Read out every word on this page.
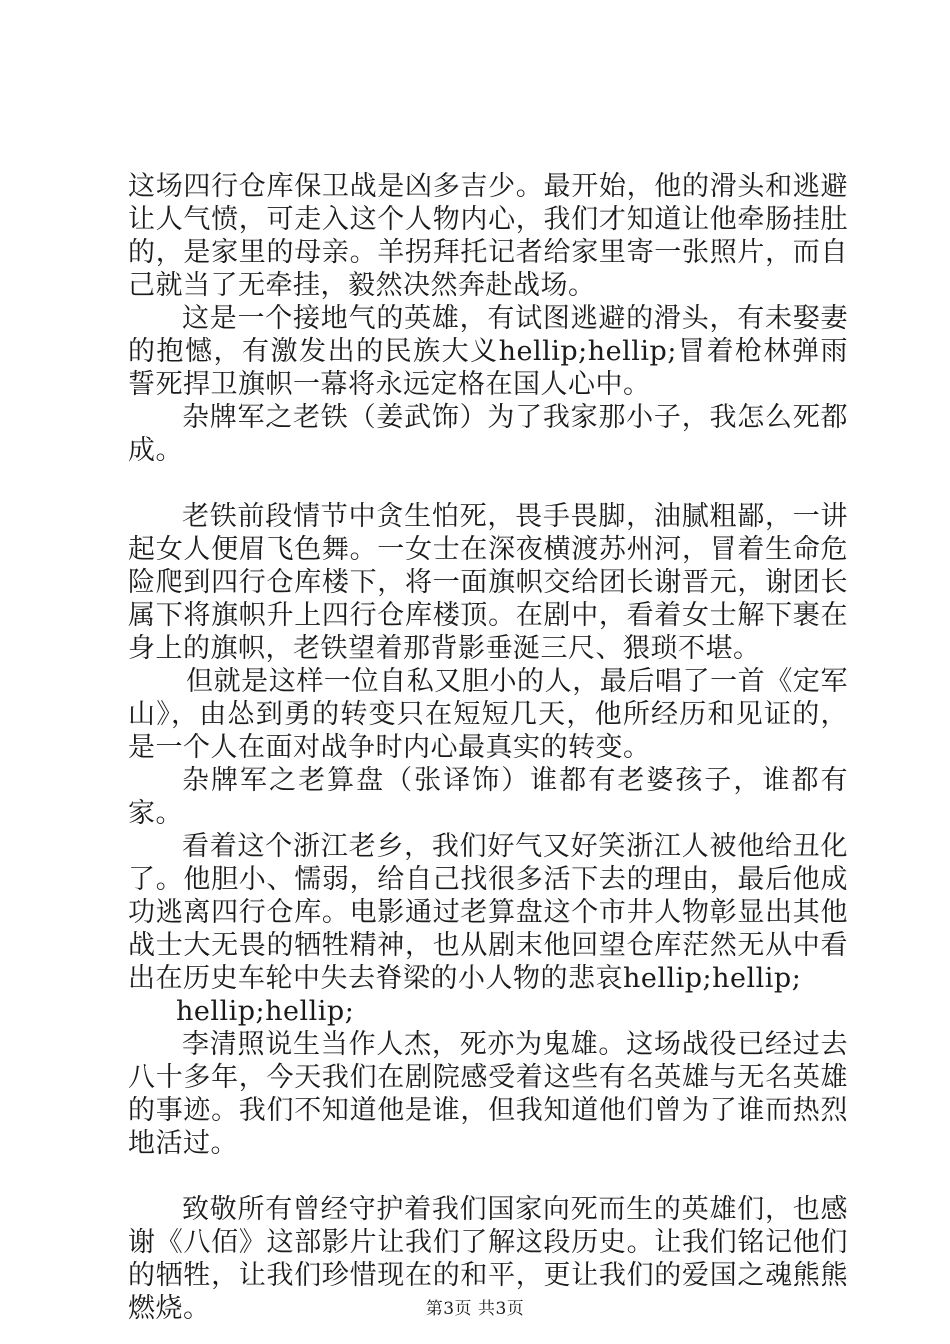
这场四行仓库保卫战是凶多吉少。最开始，他的滑头和逃避让人气愤，可走入这个人物内心，我们才知道让他牵肠挂肚的，是家里的母亲。羊拐拜托记者给家里寄一张照片，而自己就当了无牵挂，毅然决然奔赴战场。

这是一个接地气的英雄，有试图逃避的滑头，有未娶妻的抱憾，有激发出的民族大义hellip;hellip;冒着枪林弹雨誓死捍卫旗帜一幕将永远定格在国人心中。

杂牌军之老铁（姜武饰）为了我家那小子，我怎么死都成。

老铁前段情节中贪生怕死，畏手畏脚，油腻粗鄙，一讲起女人便眉飞色舞。一女士在深夜横渡苏州河，冒着生命危险爬到四行仓库楼下，将一面旗帜交给团长谢晋元，谢团长属下将旗帜升上四行仓库楼顶。在剧中，看着女士解下裹在身上的旗帜，老铁望着那背影垂涎三尺、猥琐不堪。

但就是这样一位自私又胆小的人，最后唱了一首《定军山》，由怂到勇的转变只在短短几天，他所经历和见证的，是一个人在面对战争时内心最真实的转变。

杂牌军之老算盘（张译饰）谁都有老婆孩子，谁都有家。

看着这个浙江老乡，我们好气又好笑浙江人被他给丑化了。他胆小、懦弱，给自己找很多活下去的理由，最后他成功逃离四行仓库。电影通过老算盘这个市井人物彰显出其他战士大无畏的牺牲精神，也从剧末他回望仓库茫然无从中看出在历史车轮中失去脊梁的小人物的悲哀hellip;hellip;

hellip;hellip;

李清照说生当作人杰，死亦为鬼雄。这场战役已经过去八十多年，今天我们在剧院感受着这些有名英雄与无名英雄的事迹。我们不知道他是谁，但我知道他们曾为了谁而热烈地活过。

致敬所有曾经守护着我们国家向死而生的英雄们，也感谢《八佰》这部影片让我们了解这段历史。让我们铭记他们的牺牲，让我们珍惜现在的和平，更让我们的爱国之魂熊熊燃烧。	第3页 共3页
